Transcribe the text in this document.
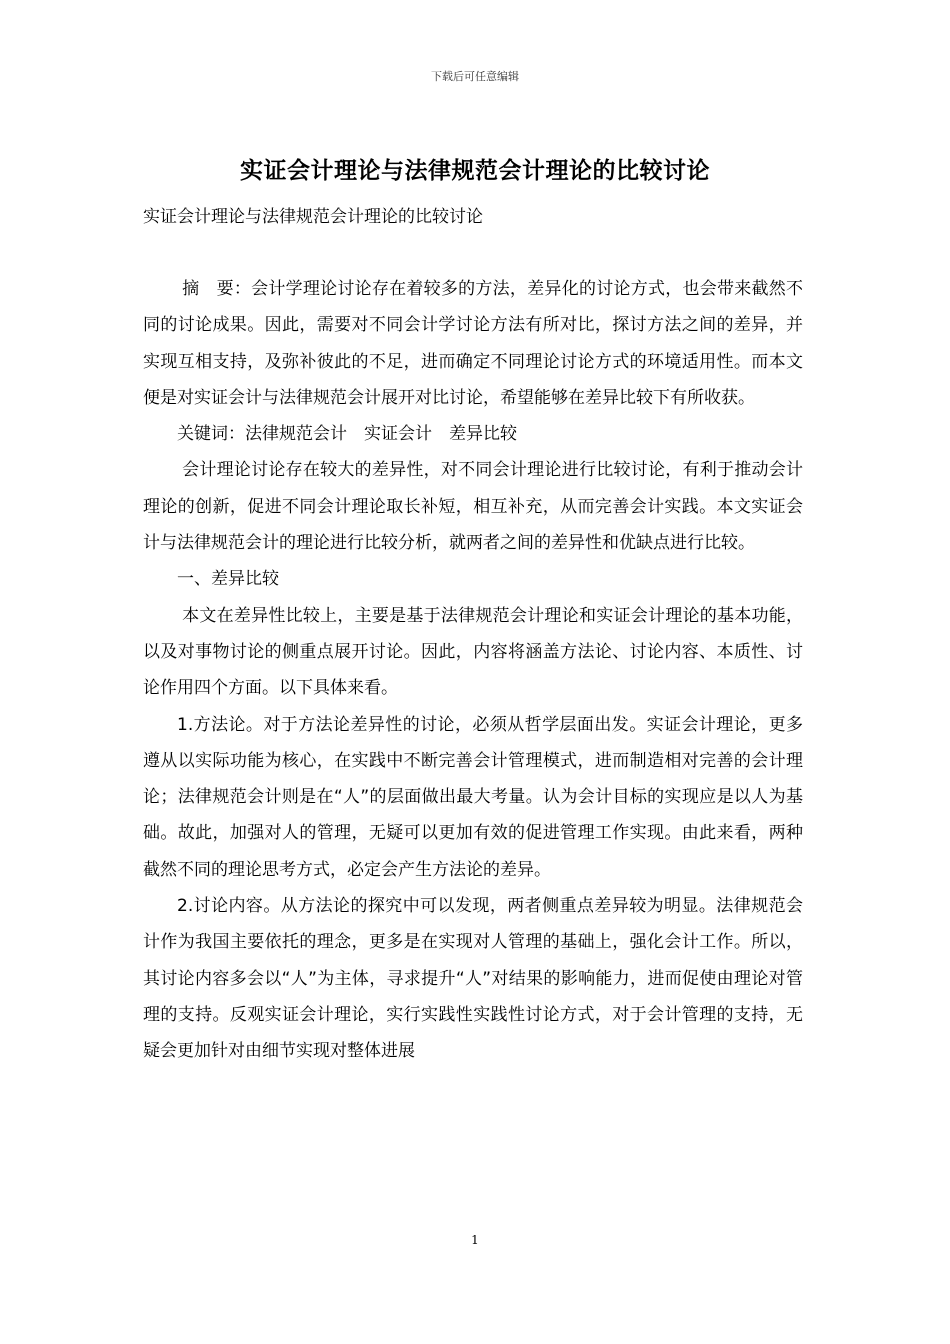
下载后可任意编辑
实证会计理论与法律规范会计理论的比较讨论
实证会计理论与法律规范会计理论的比较讨论

摘　要：会计学理论讨论存在着较多的方法，差异化的讨论方式，也会带来截然不同的讨论成果。因此，需要对不同会计学讨论方法有所对比，探讨方法之间的差异，并实现互相支持，及弥补彼此的不足，进而确定不同理论讨论方式的环境适用性。而本文便是对实证会计与法律规范会计展开对比讨论，希望能够在差异比较下有所收获。

关键词：法律规范会计　实证会计　差异比较

会计理论讨论存在较大的差异性，对不同会计理论进行比较讨论，有利于推动会计理论的创新，促进不同会计理论取长补短，相互补充，从而完善会计实践。本文实证会计与法律规范会计的理论进行比较分析，就两者之间的差异性和优缺点进行比较。

一、差异比较

本文在差异性比较上，主要是基于法律规范会计理论和实证会计理论的基本功能，以及对事物讨论的侧重点展开讨论。因此，内容将涵盖方法论、讨论内容、本质性、讨论作用四个方面。以下具体来看。

1.方法论。对于方法论差异性的讨论，必须从哲学层面出发。实证会计理论，更多遵从以实际功能为核心，在实践中不断完善会计管理模式，进而制造相对完善的会计理论；法律规范会计则是在“人”的层面做出最大考量。认为会计目标的实现应是以人为基础。故此，加强对人的管理，无疑可以更加有效的促进管理工作实现。由此来看，两种截然不同的理论思考方式，必定会产生方法论的差异。

2.讨论内容。从方法论的探究中可以发现，两者侧重点差异较为明显。法律规范会计作为我国主要依托的理念，更多是在实现对人管理的基础上，强化会计工作。所以，其讨论内容多会以“人”为主体，寻求提升“人”对结果的影响能力，进而促使由理论对管理的支持。反观实证会计理论，实行实践性实践性讨论方式，对于会计管理的支持，无疑会更加针对由细节实现对整体进展

1
